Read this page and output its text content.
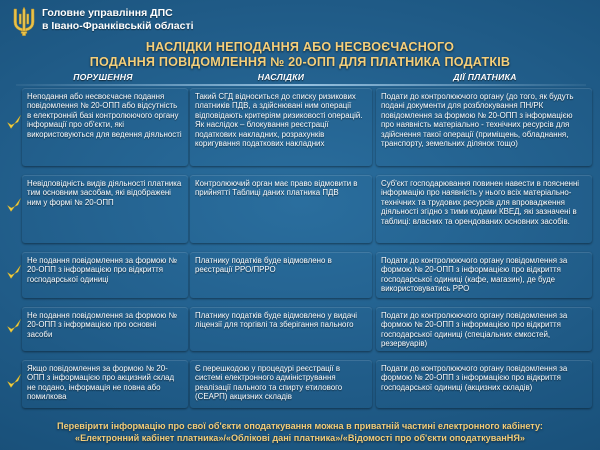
Головне управління ДПС
в Івано-Франківській області
НАСЛІДКИ НЕПОДАННЯ АБО НЕСВОЄЧАСНОГО
ПОДАННЯ ПОВІДОМЛЕННЯ № 20-ОПП ДЛЯ ПЛАТНИКА ПОДАТКІВ
ПОРУШЕННЯ	НАСЛІДКИ	ДІЇ ПЛАТНИКА
Неподання або несвоєчасне подання повідомлення № 20-ОПП або відсутність в електронній базі контролюючого органу інформації про об'єкти, які використовуються для ведення діяльності
Такий СГД відноситься до списку ризикових платників ПДВ, а здійснювані ним операції відповідають критеріям ризиковості операцій. Як наслідок – блокування реєстрації податкових накладних, розрахунків коригування податкових накладних
Подати до контролюючого органу (до того, як будуть подані документи для розблокування ПН/РК повідомлення за формою № 20-ОПП з інформацією про наявність матеріально - технічних ресурсів для здійснення такої операції (приміщень, обладнання, транспорту, земельних ділянок тощо)
Невідповідність видів діяльності платника тим основним засобам, які відображені ним у формі № 20-ОПП
Контролюючий орган має право відмовити в прийнятті Таблиці даних платника ПДВ
Суб'єкт господарювання повинен навести в поясненні інформацію про наявність у нього всіх матеріально-технічних та трудових ресурсів для впровадження діяльності згідно з тими кодами КВЕД, які зазначені в таблиці: власних та орендованих основних засобів.
Не подання повідомлення за формою № 20-ОПП з інформацією про відкриття господарської одиниці
Платнику податків буде відмовлено в реєстрації РРО/ПРРО
Подати до контролюючого органу повідомлення за формою № 20-ОПП з інформацією про відкриття господарської одиниці (кафе, магазин), де буде використовуватись РРО
Не подання повідомлення за формою № 20-ОПП з інформацією про основні засоби
Платнику податків буде відмовлено у видачі ліцензії для торгівлі та зберігання пального
Подати до контролюючого органу повідомлення за формою № 20-ОПП з інформацією про відкриття господарської одиниці (спеціальних ємкостей, резервуарів)
Якщо повідомлення за формою № 20-ОПП з інформацією про акцизний склад не подано, інформація не повна або помилкова
Є перешкодою у процедурі реєстрації в системі електронного адміністрування реалізації пального та спирту етилового (СЕАРП) акцизних складів
Подати до контролюючого органу повідомлення за формою № 20-ОПП з інформацією про відкриття господарської одиниці (акцизних складів)
Перевірити інформацію про свої об'єкти оподаткування можна в приватній частині електронного кабінету:
«Електронний кабінет платника»/«Облікові дані платника»/«Відомості про об'єкти оподаткуванНЯ»
